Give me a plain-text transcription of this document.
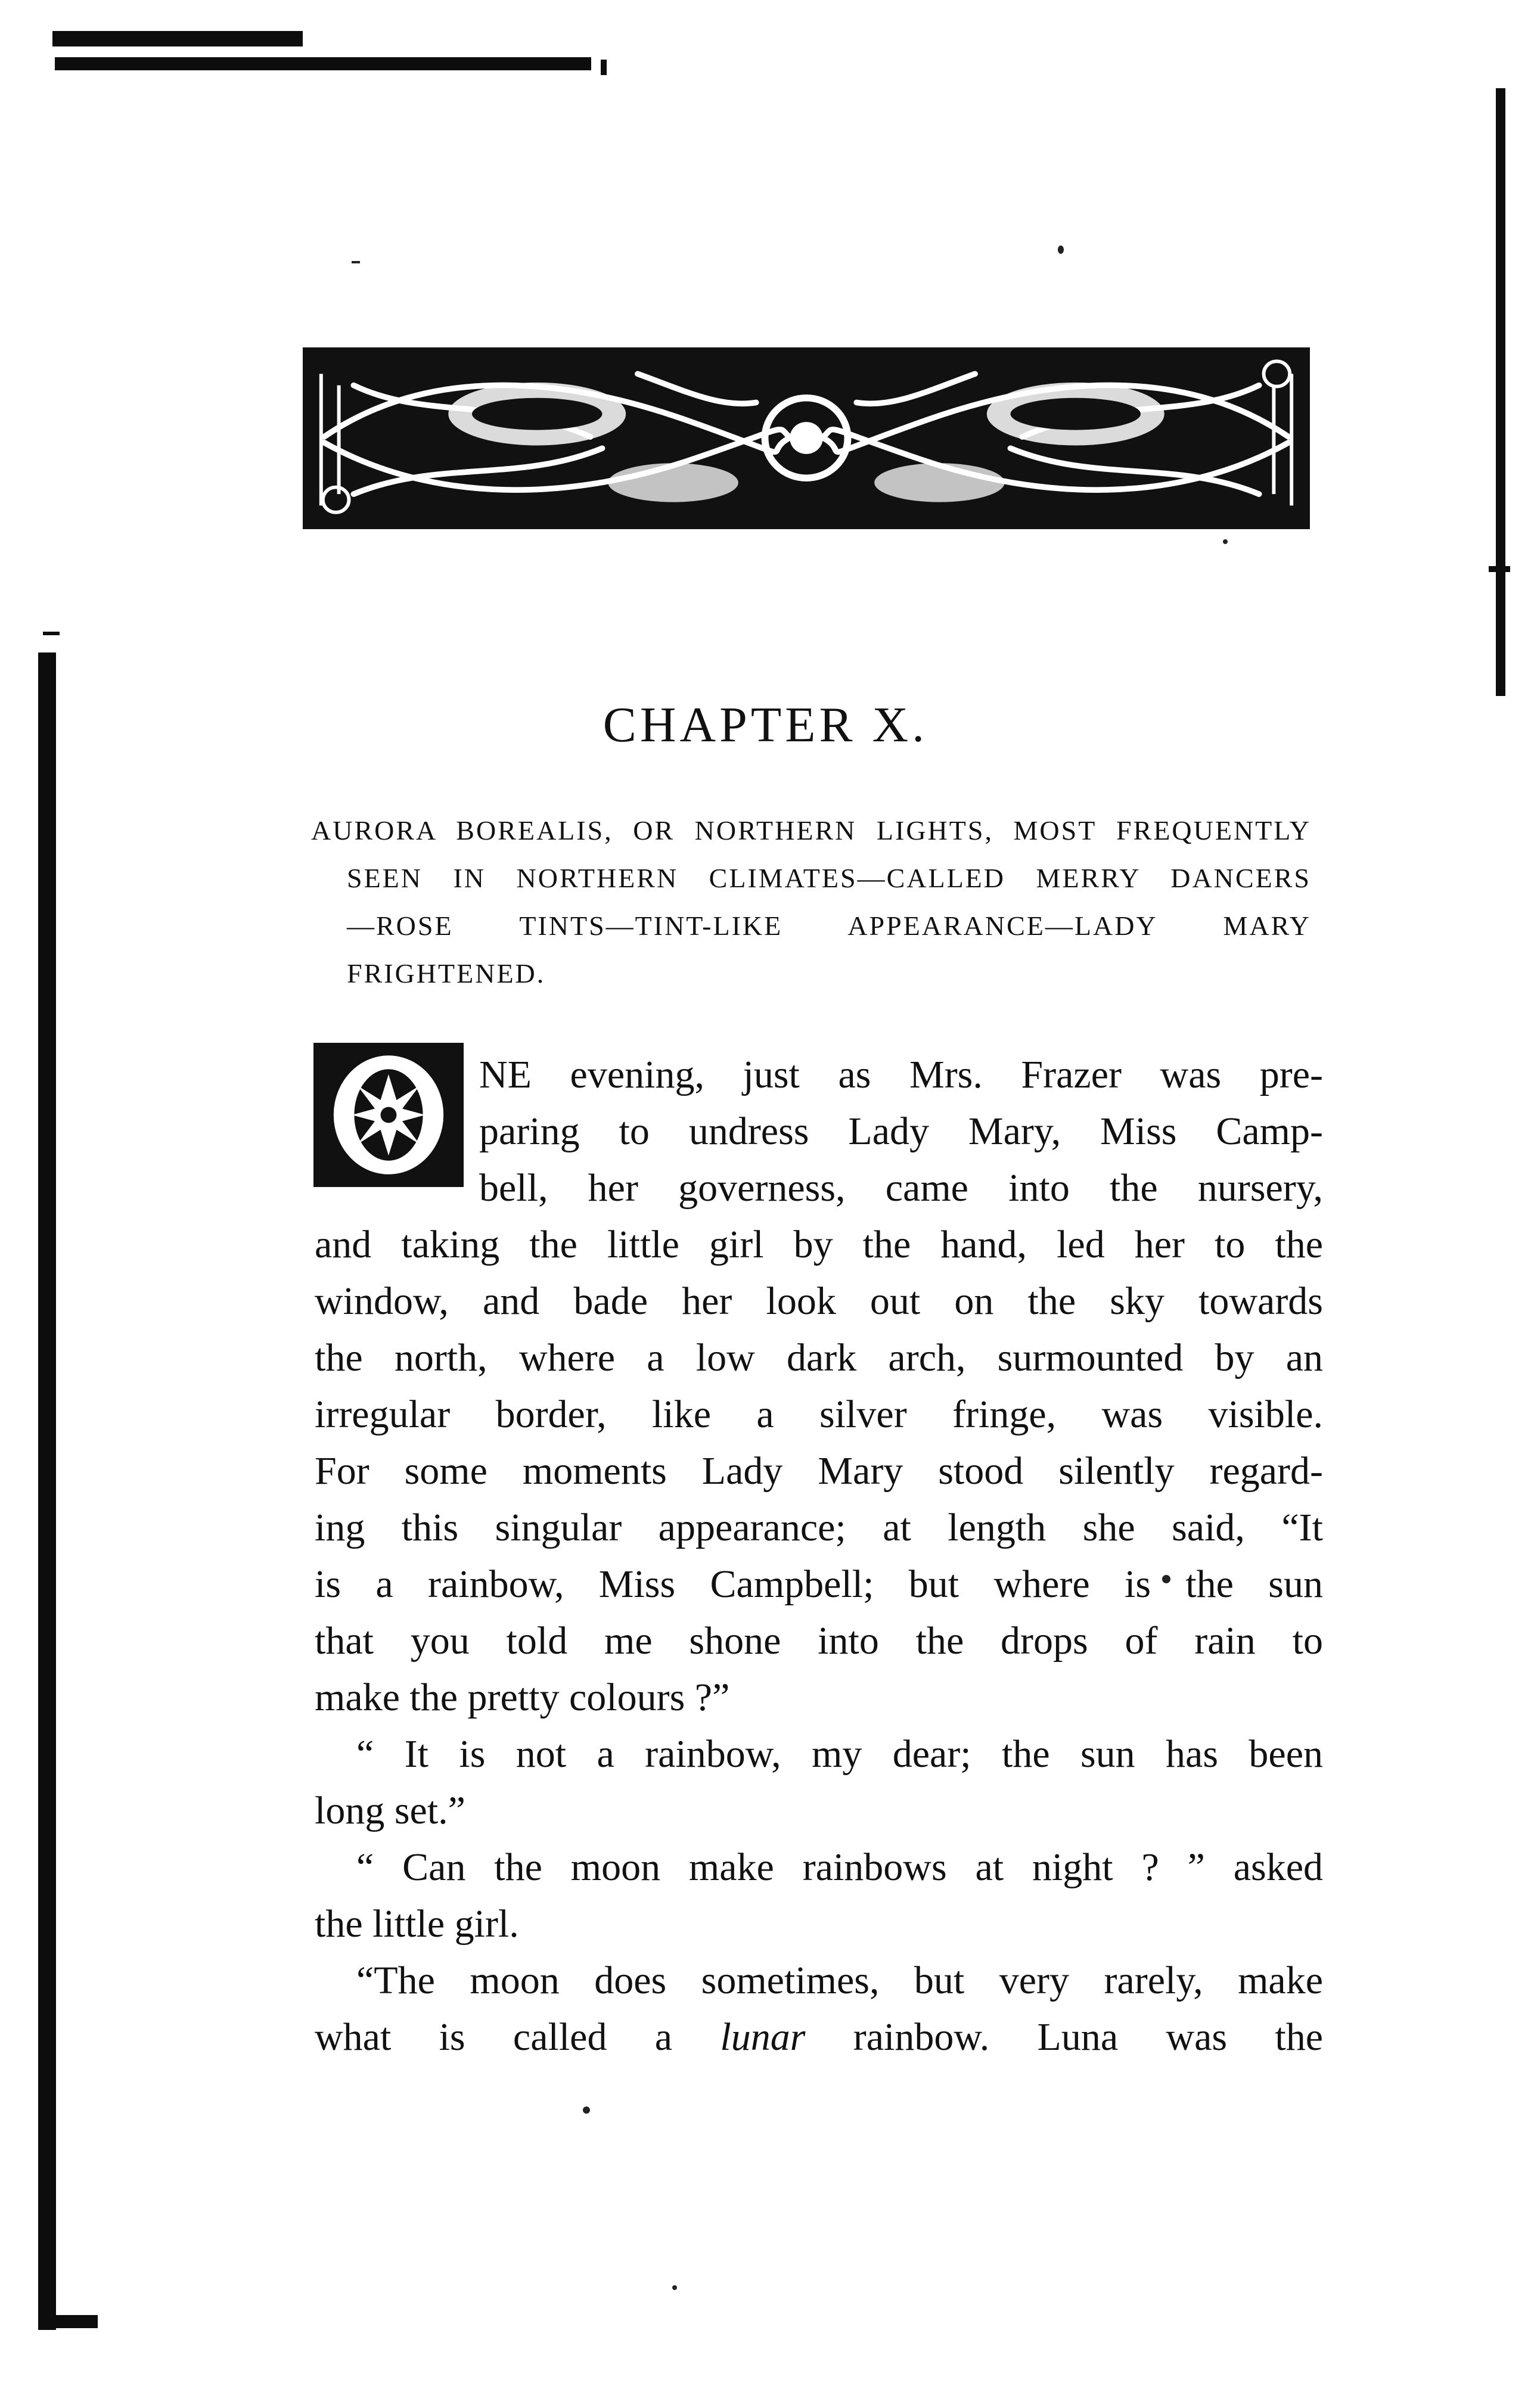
CHAPTER X.
AURORA BOREALIS, OR NORTHERN LIGHTS, MOST FREQUENTLY
SEEN IN NORTHERN CLIMATES—CALLED MERRY DANCERS
—ROSE TINTS—TINT-LIKE APPEARANCE—LADY MARY
FRIGHTENED.
NE evening, just as Mrs. Frazer was pre-
paring to undress Lady Mary, Miss Camp-
bell, her governess, came into the nursery,
and taking the little girl by the hand, led her to the
window, and bade her look out on the sky towards
the north, where a low dark arch, surmounted by an
irregular border, like a silver fringe, was visible.
For some moments Lady Mary stood silently regard-
ing this singular appearance; at length she said, “It
is a rainbow, Miss Campbell; but where is the sun
that you told me shone into the drops of rain to
make the pretty colours ?”
“ It is not a rainbow, my dear; the sun has been
long set.”
“ Can the moon make rainbows at night ? ” asked
the little girl.
“The moon does sometimes, but very rarely, make
what is called a lunar rainbow. Luna was the
